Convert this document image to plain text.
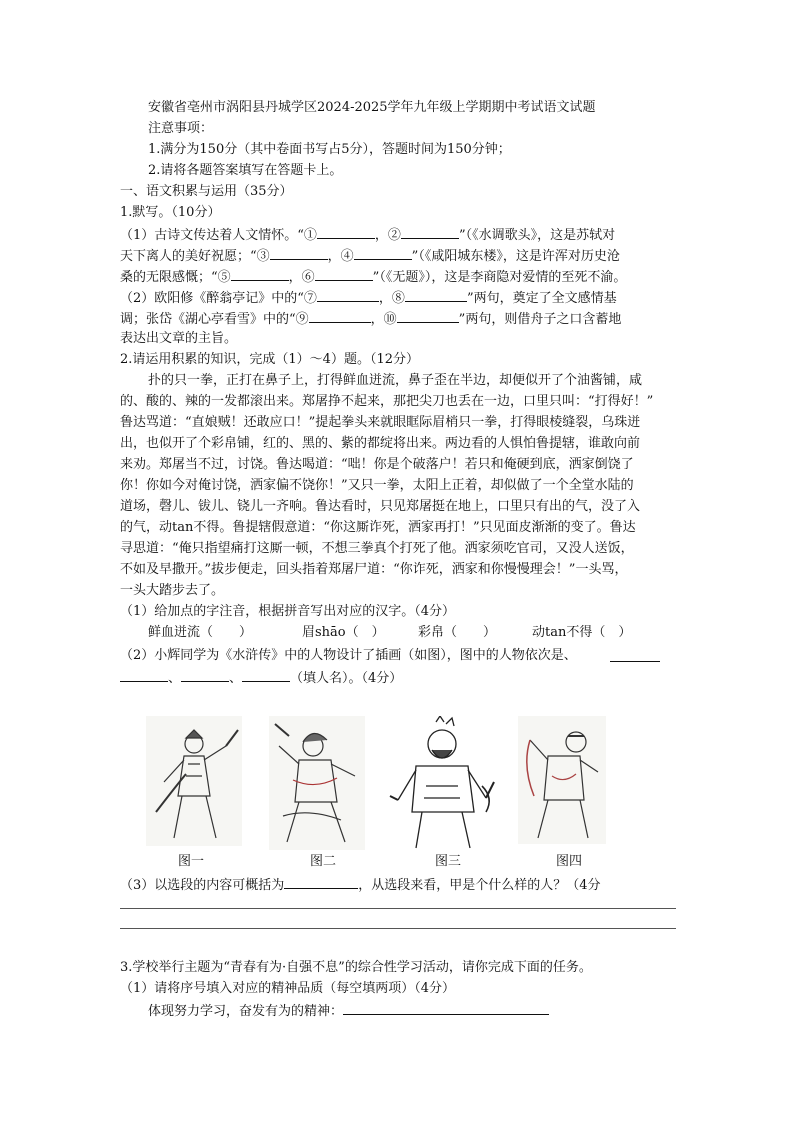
安徽省亳州市涡阳县丹城学区2024-2025学年九年级上学期期中考试语文试题
注意事项：
1.满分为150分（其中卷面书写占5分），答题时间为150分钟；
2.请将各题答案填写在答题卡上。
一、语文积累与运用（35分）
1.默写。（10分）
（1）古诗文传达着人文情怀。“①	，②	”（《水调歌头》，这是苏轼对
天下离人的美好祝愿；“③	，④	”（《咸阳城东楼》，这是许浑对历史沧
桑的无限感慨；“⑤	，⑥	”（《无题》），这是李商隐对爱情的至死不渝。
（2）欧阳修《醉翁亭记》中的“⑦	，⑧	”两句，奠定了全文感情基
调；张岱《湖心亭看雪》中的“⑨	，⑩	”两句，则借舟子之口含蓄地
表达出文章的主旨。
2.请运用积累的知识，完成（1）～4）题。（12分）
扑的只一拳，正打在鼻子上，打得鲜血迸流，鼻子歪在半边，却便似开了个油酱铺，咸
的、酸的、辣的一发都滚出来。郑屠挣不起来，那把尖刀也丢在一边，口里只叫：“打得好！”
鲁达骂道：“直娘贼！还敢应口！”提起拳头来就眼眶际眉梢只一拳，打得眼棱缝裂，乌珠迸
出，也似开了个彩帛铺，红的、黑的、紫的都绽将出来。两边看的人惧怕鲁提辖，谁敢向前
来劝。郑屠当不过，讨饶。鲁达喝道：“咄！你是个破落户！若只和俺硬到底，洒家倒饶了
你！你如今对俺讨饶，洒家偏不饶你！”又只一拳，太阳上正着，却似做了一个全堂水陆的
道场，磬儿、钹儿、铙儿一齐响。鲁达看时，只见郑屠挺在地上，口里只有出的气，没了入
的气，动tan不得。鲁提辖假意道：“你这厮诈死，洒家再打！”只见面皮渐渐的变了。鲁达
寻思道：“俺只指望痛打这厮一顿，不想三拳真个打死了他。洒家须吃官司，又没人送饭，
不如及早撒开。”拔步便走，回头指着郑屠尸道：“你诈死，洒家和你慢慢理会！”一头骂，
一头大踏步去了。
（1）给加点的字注音，根据拼音写出对应的汉字。（4分）
鲜血迸流（　　）	眉shāo（　）	彩帛（　　）	动tan不得（　）
（2）小辉同学为《水浒传》中的人物设计了插画（如图），图中的人物依次是、
、	、	（填人名）。（4分）
图一	图二	图三	图四
（3）以选段的内容可概括为	，从选段来看，甲是个什么样的人？（4分
3.学校举行主题为“青春有为·自强不息”的综合性学习活动，请你完成下面的任务。
（1）请将序号填入对应的精神品质（每空填两项）（4分）
体现努力学习，奋发有为的精神：
